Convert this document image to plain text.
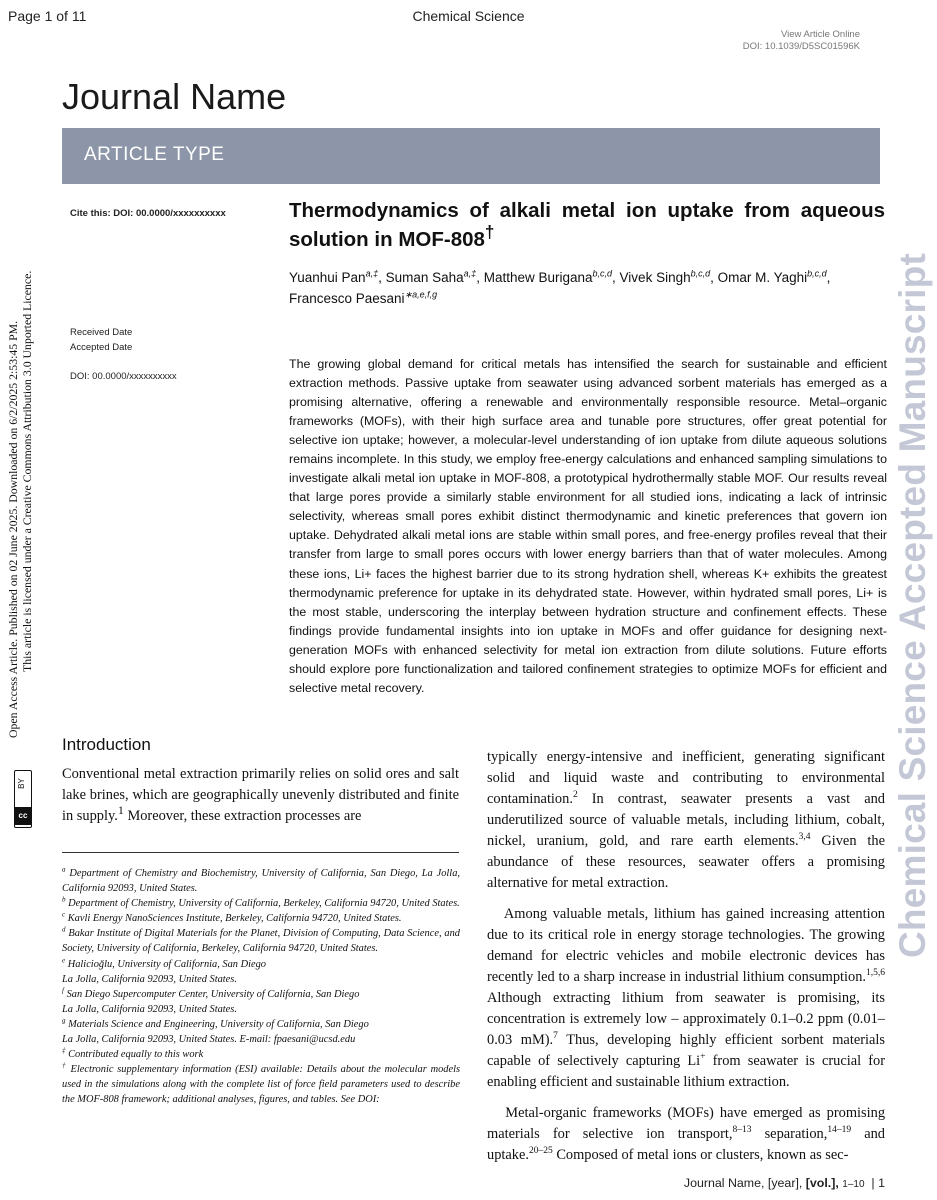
Page 1 of 11	Chemical Science
View Article Online
DOI: 10.1039/D5SC01596K
Journal Name
ARTICLE TYPE
Cite this: DOI: 00.0000/xxxxxxxxxx
Received Date
Accepted Date
DOI: 00.0000/xxxxxxxxxx
Thermodynamics of alkali metal ion uptake from aqueous solution in MOF-808†
Yuanhui Pan$^{a,\ddagger}$, Suman Saha$^{a,\ddagger}$, Matthew Burigana$^{b,c,d}$, Vivek Singh$^{b,c,d}$, Omar M. Yaghi$^{b,c,d}$,
Francesco Paesani$^{∗a,e,f,g}$
The growing global demand for critical metals has intensified the search for sustainable and efficient extraction methods. Passive uptake from seawater using advanced sorbent materials has emerged as a promising alternative, offering a renewable and environmentally responsible resource. Metal–organic frameworks (MOFs), with their high surface area and tunable pore structures, offer great potential for selective ion uptake; however, a molecular-level understanding of ion uptake from dilute aqueous solutions remains incomplete. In this study, we employ free-energy calculations and enhanced sampling simulations to investigate alkali metal ion uptake in MOF-808, a prototypical hydrothermally stable MOF. Our results reveal that large pores provide a similarly stable environment for all studied ions, indicating a lack of intrinsic selectivity, whereas small pores exhibit distinct thermodynamic and kinetic preferences that govern ion uptake. Dehydrated alkali metal ions are stable within small pores, and free-energy profiles reveal that their transfer from large to small pores occurs with lower energy barriers than that of water molecules. Among these ions, Li+ faces the highest barrier due to its strong hydration shell, whereas K+ exhibits the greatest thermodynamic preference for uptake in its dehydrated state. However, within hydrated small pores, Li+ is the most stable, underscoring the interplay between hydration structure and confinement effects. These findings provide fundamental insights into ion uptake in MOFs and offer guidance for designing next-generation MOFs with enhanced selectivity for metal ion extraction from dilute solutions. Future efforts should explore pore functionalization and tailored confinement strategies to optimize MOFs for efficient and selective metal recovery.
Open Access Article. Published on 02 June 2025. Downloaded on 6/2/2025 2:53:45 PM. This article is licensed under a Creative Commons Attribution 3.0 Unported Licence.
BY
cc	Chemical Science Accepted Manuscript
Introduction
Conventional metal extraction primarily relies on solid ores and salt lake brines, which are geographically unevenly distributed and finite in supply.$^1$ Moreover, these extraction processes are

$^a$ Department of Chemistry and Biochemistry, University of California, San Diego, La Jolla, California 92093, United States.

$^b$ Department of Chemistry, University of California, Berkeley, California 94720, United States.

$^c$ Kavli Energy NanoSciences Institute, Berkeley, California 94720, United States.

$^d$ Bakar Institute of Digital Materials for the Planet, Division of Computing, Data Science, and Society, University of California, Berkeley, California 94720, United States.

$^e$ Halicioğlu, University of California, San Diego

La Jolla, California 92093, United States.

$^f$ San Diego Supercomputer Center, University of California, San Diego

La Jolla, California 92093, United States.

$^g$ Materials Science and Engineering, University of California, San Diego

La Jolla, California 92093, United States. E-mail: fpaesani@ucsd.edu

‡ Contributed equally to this work

† Electronic supplementary information (ESI) available: Details about the molecular models used in the simulations along with the complete list of force field parameters used to describe the MOF-808 framework; additional analyses, figures, and tables. See DOI:

typically energy-intensive and inefficient, generating significant solid and liquid waste and contributing to environmental contamination.$^2$ In contrast, seawater presents a vast and underutilized source of valuable metals, including lithium, cobalt, nickel, uranium, gold, and rare earth elements.$^{3,4}$ Given the abundance of these resources, seawater offers a promising alternative for metal extraction.

Among valuable metals, lithium has gained increasing attention due to its critical role in energy storage technologies. The growing demand for electric vehicles and mobile electronic devices has recently led to a sharp increase in industrial lithium consumption.$^{1,5,6}$ Although extracting lithium from seawater is promising, its concentration is extremely low – approximately 0.1–0.2 ppm (0.01–0.03 mM).$^7$ Thus, developing highly efficient sorbent materials capable of selectively capturing Li+ from seawater is crucial for enabling efficient and sustainable lithium extraction.

Metal-organic frameworks (MOFs) have emerged as promising materials for selective ion transport,$^{8-13}$ separation,$^{14-19}$ and uptake.$^{20-25}$ Composed of metal ions or clusters, known as sec-

Journal Name, [year], [vol.], 1–10 | 1
